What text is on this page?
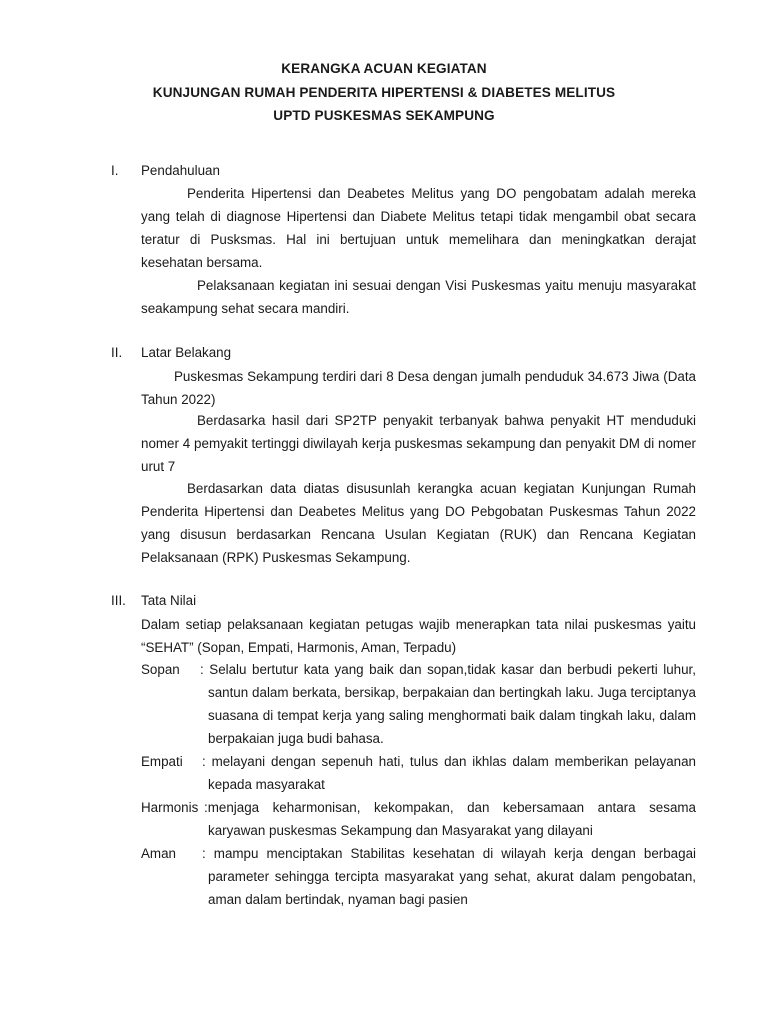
KERANGKA ACUAN KEGIATAN
KUNJUNGAN RUMAH PENDERITA HIPERTENSI & DIABETES MELITUS
UPTD PUSKESMAS SEKAMPUNG
I. Pendahuluan

Penderita Hipertensi dan Deabetes Melitus yang DO pengobatam adalah mereka yang telah di diagnose Hipertensi dan Diabete Melitus tetapi tidak mengambil obat secara teratur di Pusksmas. Hal ini bertujuan untuk memelihara dan meningkatkan derajat kesehatan bersama.

Pelaksanaan kegiatan ini sesuai dengan Visi Puskesmas yaitu menuju masyarakat seakampung sehat secara mandiri.

II. Latar Belakang

Puskesmas Sekampung terdiri dari 8 Desa dengan jumalh penduduk 34.673 Jiwa (Data Tahun 2022)

Berdasarka hasil dari SP2TP penyakit terbanyak bahwa penyakit HT menduduki nomer 4 pemyakit tertinggi diwilayah kerja puskesmas sekampung dan penyakit DM di nomer urut 7

Berdasarkan data diatas disusunlah kerangka acuan kegiatan Kunjungan Rumah Penderita Hipertensi dan Deabetes Melitus yang DO Pebgobatan Puskesmas Tahun 2022 yang disusun berdasarkan Rencana Usulan Kegiatan (RUK) dan Rencana Kegiatan Pelaksanaan (RPK) Puskesmas Sekampung.

III. Tata Nilai

Dalam setiap pelaksanaan kegiatan petugas wajib menerapkan tata nilai puskesmas yaitu “SEHAT” (Sopan, Empati, Harmonis, Aman, Terpadu)

Sopan	: Selalu bertutur kata yang baik dan sopan,tidak kasar dan berbudi pekerti luhur, santun dalam berkata, bersikap, berpakaian dan bertingkah laku. Juga terciptanya suasana di tempat kerja yang saling menghormati baik dalam tingkah laku, dalam berpakaian juga budi bahasa.

Empati	: melayani dengan sepenuh hati, tulus dan ikhlas dalam memberikan pelayanan kepada masyarakat

Harmonis :menjaga keharmonisan, kekompakan, dan kebersamaan antara sesama karyawan puskesmas Sekampung dan Masyarakat yang dilayani

Aman	: mampu menciptakan Stabilitas kesehatan di wilayah kerja dengan berbagai parameter sehingga tercipta masyarakat yang sehat, akurat dalam pengobatan, aman dalam bertindak, nyaman bagi pasien
